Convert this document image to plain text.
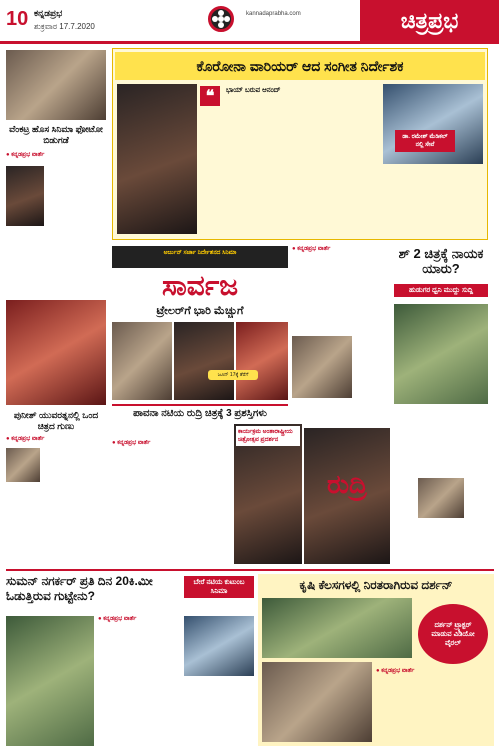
10 ಕನ್ನಡಪ್ರಭ
ಶುಕ್ರವಾರ 17.7.2020
kannadaprabha.com	ಚಿತ್ರಪ್ರಭ
ವೆಂಕಟ್ರ ಹೊಸ ಸಿನಿಮಾ ಫೋಟೋ ಬಿಡುಗಡೆ
● ಕನ್ನಡಪ್ರಭ ವಾರ್ತೆ
ಪುನೀತ್ ಯುವರತ್ನನಲ್ಲಿ ಒಂದ ಚಿತ್ರದ ಗುಣು
● ಕನ್ನಡಪ್ರಭ ವಾರ್ತೆ
ಕೊರೋನಾ ವಾರಿಯರ್ ಆದ ಸಂಗೀತ ನಿರ್ದೇಶಕ
❝	ಭಾಯ್ ಬರುವ ಆನಂದ್
ಡಾ. ರಮೇಶ್ ಮೆಡಿಕಲ್ ನಲ್ಲಿ ಸೇವೆ
ಅರ್ಜುನ್ ಸರ್ಜಾ ನಿರ್ದೇಶನದ ಸಿನಿಮಾ
ಸಾರ್ವಜ
ಟ್ರೇಲರ್‌ಗೆ ಭಾರಿ ಮೆಚ್ಚುಗೆ
ಜೂನ್ 17ಕ್ಕೆ ತೆರೆಗೆ
● ಕನ್ನಡಪ್ರಭ ವಾರ್ತೆ	ಶ್ 2 ಚಿತ್ರಕ್ಕೆ ನಾಯಕ ಯಾರು?
ಹುಡುಗರ ಧ್ವನಿ ಮುದ್ದು ಸುದ್ದಿ
ಪಾವನಾ ನಟಿಯ ರುದ್ರಿ ಚಿತ್ರಕ್ಕೆ 3 ಪ್ರಶಸ್ತಿಗಳು
● ಕನ್ನಡಪ್ರಭ ವಾರ್ತೆ
ಕಾರ್ಯಕ್ರಮ ಅಂತಾರಾಷ್ಟ್ರೀಯ ಚಿತ್ರೋತ್ಸವ ಪ್ರದರ್ಶನ
ರುದ್ರಿ
ಸುಮನ್ ನಗರ್ಕರ್ ಪ್ರತಿ ದಿನ 20ಕಿ.ಮೀ ಓಡುತ್ತಿರುವ ಗುಟ್ಟೇನು?
● ಕನ್ನಡಪ್ರಭ ವಾರ್ತೆ
ಬೇರೆ ನಟಿಯ ಕುಟುಂಬ ಸಿನಿಮಾ	ಕೃಷಿ ಕೆಲಸಗಳಲ್ಲಿ ನಿರತರಾಗಿರುವ ದರ್ಶನ್
ದರ್ಶನ್ ಟ್ರ್ಯಾಕ್ಟರ್ ಮಾಡುವ ವಿಡಿಯೋ ವೈರಲ್
● ಕನ್ನಡಪ್ರಭ ವಾರ್ತೆ
